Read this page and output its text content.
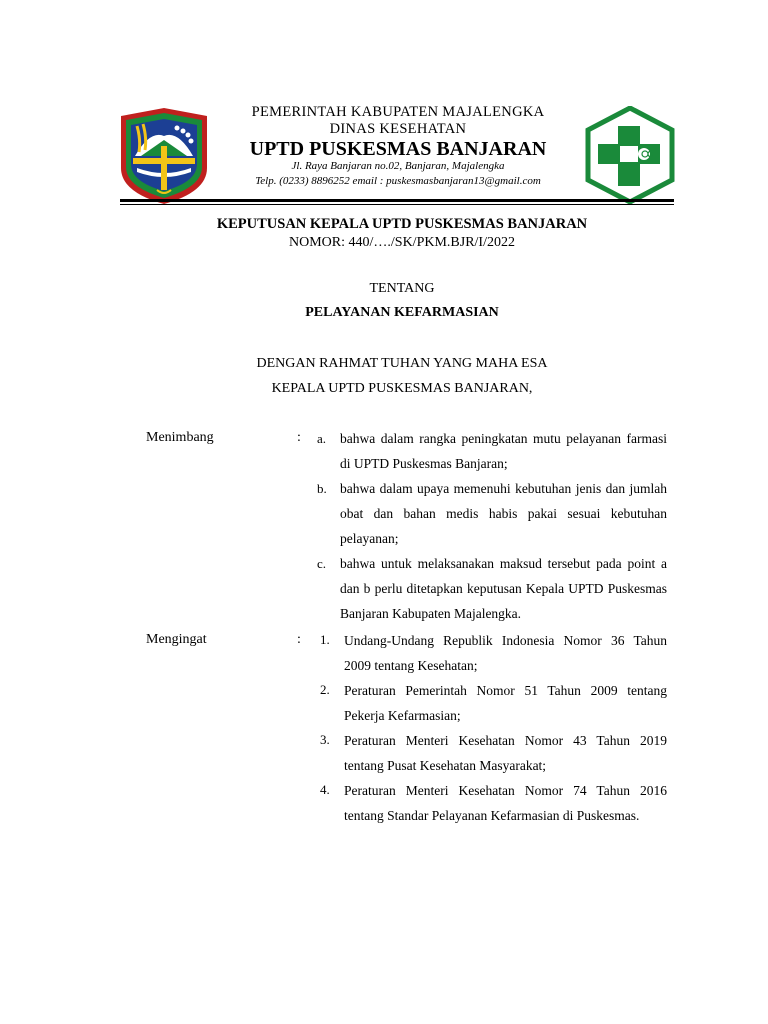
PEMERINTAH KABUPATEN MAJALENGKA
DINAS KESEHATAN
UPTD PUSKESMAS BANJARAN
Jl. Raya Banjaran no.02, Banjaran, Majalengka
Telp. (0233) 8896252 email : puskesmasbanjaran13@gmail.com
KEPUTUSAN KEPALA UPTD PUSKESMAS BANJARAN
NOMOR: 440/…./SK/PKM.BJR/I/2022
TENTANG
PELAYANAN KEFARMASIAN
DENGAN RAHMAT TUHAN YANG MAHA ESA
KEPALA UPTD PUSKESMAS BANJARAN,
Menimbang	: a.	bahwa dalam rangka peningkatan mutu pelayanan farmasi di UPTD Puskesmas Banjaran;
b. bahwa dalam upaya memenuhi kebutuhan jenis dan jumlah obat dan bahan medis habis pakai sesuai kebutuhan pelayanan;
c.	bahwa untuk melaksanakan maksud tersebut pada point a dan b perlu ditetapkan keputusan Kepala UPTD Puskesmas Banjaran Kabupaten Majalengka.
Mengingat	: 1.	Undang-Undang Republik Indonesia Nomor 36 Tahun 2009 tentang Kesehatan;
2.	Peraturan Pemerintah Nomor 51 Tahun 2009 tentang Pekerja Kefarmasian;
3.	Peraturan Menteri Kesehatan Nomor 43 Tahun 2019 tentang Pusat Kesehatan Masyarakat;
4.	Peraturan Menteri Kesehatan Nomor 74 Tahun 2016 tentang Standar Pelayanan Kefarmasian di Puskesmas.
